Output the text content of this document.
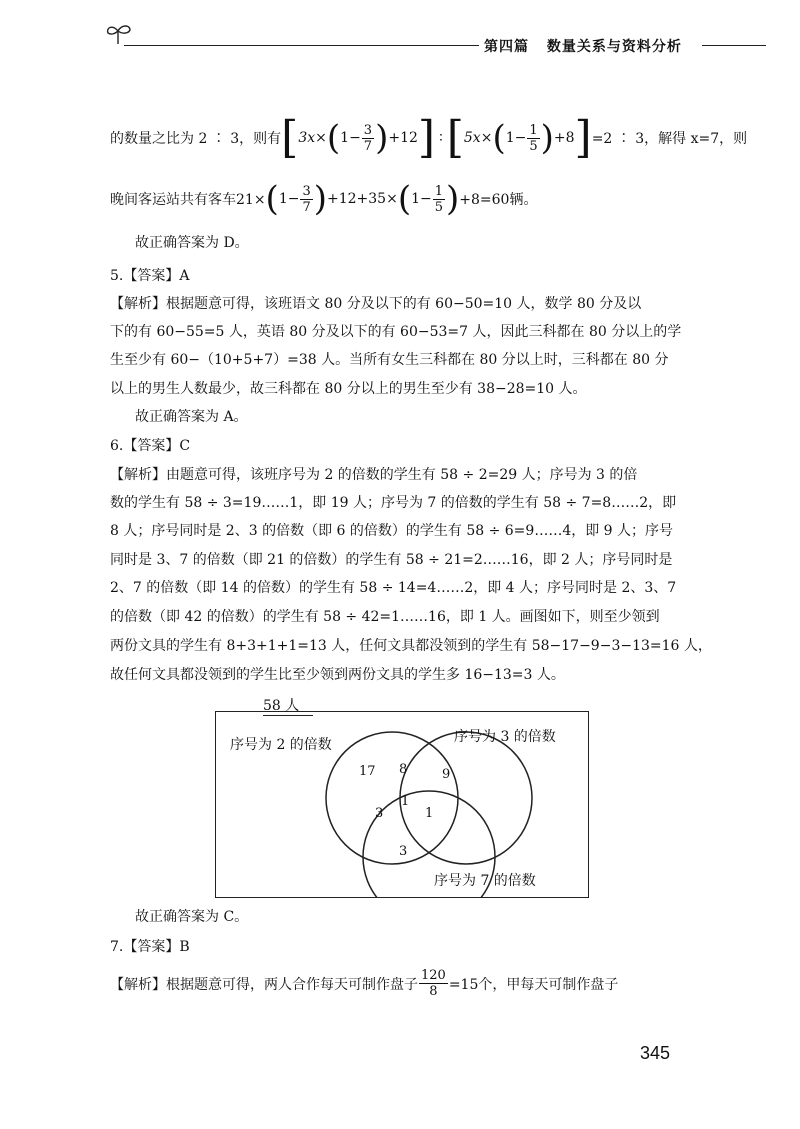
第四篇 数量关系与资料分析
的数量之比为 2 ∶ 3，则有 [ 3x× ( $1- \frac{3}{7}$ ) +12 ] ∶ [ 5x× ( $1- \frac{1}{5}$ ) +8 ] =2 ∶ 3，解得 x=7，则
晚间客运站共有客车21× ( $1- \frac{3}{7}$ ) +12+35× ( $1- \frac{1}{5}$ ) +8=60辆。
故正确答案为 D。
5.【答案】A
【解析】根据题意可得，该班语文 80 分及以下的有 60−50=10 人，数学 80 分及以
下的有 60−55=5 人，英语 80 分及以下的有 60−53=7 人，因此三科都在 80 分以上的学
生至少有 60−（10+5+7）=38 人。当所有女生三科都在 80 分以上时，三科都在 80 分
以上的男生人数最少，故三科都在 80 分以上的男生至少有 38−28=10 人。
故正确答案为 A。
6.【答案】C
【解析】由题意可得，该班序号为 2 的倍数的学生有 58 ÷ 2=29 人；序号为 3 的倍
数的学生有 58 ÷ 3=19……1，即 19 人；序号为 7 的倍数的学生有 58 ÷ 7=8……2，即
8 人；序号同时是 2、3 的倍数（即 6 的倍数）的学生有 58 ÷ 6=9……4，即 9 人；序号
同时是 3、7 的倍数（即 21 的倍数）的学生有 58 ÷ 21=2……16，即 2 人；序号同时是
2、7 的倍数（即 14 的倍数）的学生有 58 ÷ 14=4……2，即 4 人；序号同时是 2、3、7
的倍数（即 42 的倍数）的学生有 58 ÷ 42=1……16，即 1 人。画图如下，则至少领到
两份文具的学生有 8+3+1+1=13 人，任何文具都没领到的学生有 58−17−9−3−13=16 人，
故任何文具都没领到的学生比至少领到两份文具的学生多 16−13=3 人。
58 人
序号为 2 的倍数	序号为 3 的倍数
序号为 7 的倍数
17 8	9
1
3	1
3
故正确答案为 C。
7.【答案】B
【解析】根据题意可得，两人合作每天可制作盘子 $\frac{120}{8} =15$个，甲每天可制作盘子
345
